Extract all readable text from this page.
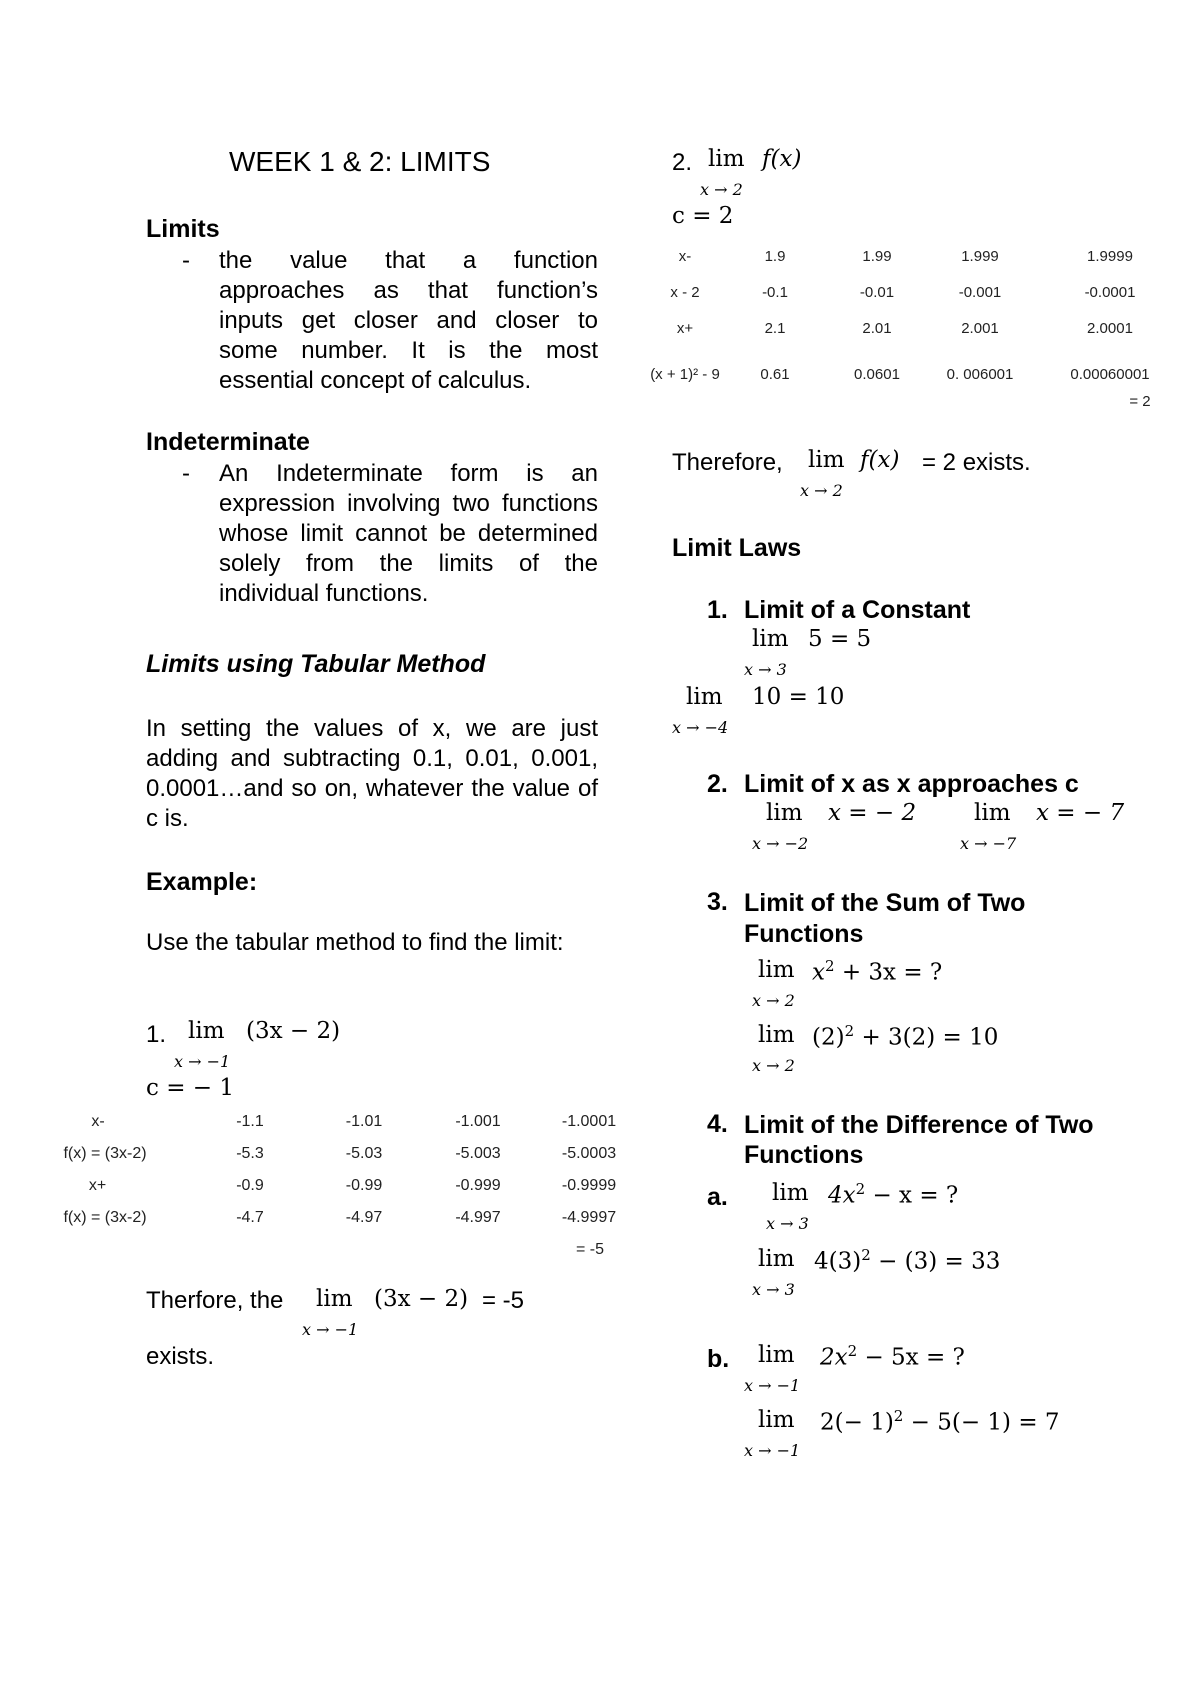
WEEK 1 & 2: LIMITS
Limits
- the value that a function approaches as that function’s inputs get closer and closer to some number. It is the most essential concept of calculus.
Indeterminate
- An Indeterminate form is an expression involving two functions whose limit cannot be determined solely from the limits of the individual functions.
Limits using Tabular Method
In setting the values of x, we are just adding and subtracting 0.1, 0.01, 0.001, 0.0001…and so on, whatever the value of c is.
Example:
Use the tabular method to find the limit:
1. lim
x → −1
(3x − 2)
c = − 1
x-	-1.1	-1.01	-1.001	-1.0001
f(x) = (3x-2)	-5.3	-5.03	-5.003	-5.0003
x+	-0.9	-0.99	-0.999	-0.9999
f(x) = (3x-2)	-4.7	-4.97	-4.997	-4.9997
= -5
Therfore, the lim
x → −1
(3x − 2) = -5
exists.
2. lim
x → 2
f(x)
c = 2
x-	1.9	1.99	1.999	1.9999
x - 2	-0.1	-0.01	-0.001	-0.0001
x+	2.1	2.01	2.001	2.0001
(x + 1)² - 9	0.61	0.0601	0. 006001	0.00060001
= 2
Therefore, lim
x → 2
f(x) = 2 exists.
Limit Laws
1. Limit of a Constant
lim
x → 3
5 = 5
lim
x → −4
10 = 10
2. Limit of x as x approaches c
lim
x → −2
x = − 2	lim
x → −7
x = − 7
3. Limit of the Sum of Two Functions
lim
x → 2
$x^2 + 3x$ = ?
lim
x → 2
$(2)^2 + 3(2) = 10$
4. Limit of the Difference of Two Functions
a. lim
x → 3
$4x^2 - x$ = ?
lim
x → 3
$4(3)^2 - (3) = 33$
b. lim
x → −1
$2x^2 - 5x$ = ?
lim
x → −1
$2(- 1)^2 - 5(- 1) = 7$
